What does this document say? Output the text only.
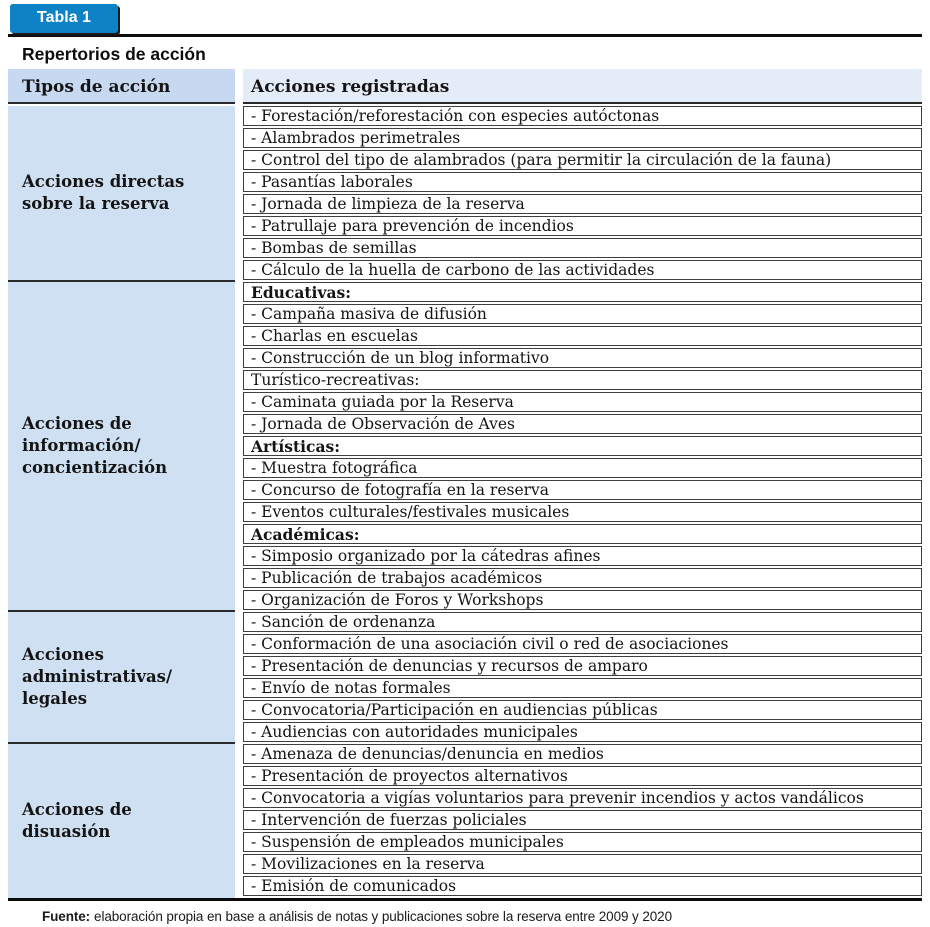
Tabla 1
Repertorios de acción
Tipos de acción	Acciones registradas
Acciones directas sobre la reserva
- Forestación/reforestación con especies autóctonas
- Alambrados perimetrales
- Control del tipo de alambrados (para permitir la circulación de la fauna)
- Pasantías laborales
- Jornada de limpieza de la reserva
- Patrullaje para prevención de incendios
- Bombas de semillas
- Cálculo de la huella de carbono de las actividades
Acciones de información/ concientización
Educativas:
- Campaña masiva de difusión
- Charlas en escuelas
- Construcción de un blog informativo
Turístico-recreativas:
- Caminata guiada por la Reserva
- Jornada de Observación de Aves
Artísticas:
- Muestra fotográfica
- Concurso de fotografía en la reserva
- Eventos culturales/festivales musicales
Académicas:
- Simposio organizado por la cátedras afines
- Publicación de trabajos académicos
- Organización de Foros y Workshops
Acciones administrativas/ legales
- Sanción de ordenanza
- Conformación de una asociación civil o red de asociaciones
- Presentación de denuncias y recursos de amparo
- Envío de notas formales
- Convocatoria/Participación en audiencias públicas
- Audiencias con autoridades municipales
Acciones de disuasión
- Amenaza de denuncias/denuncia en medios
- Presentación de proyectos alternativos
- Convocatoria a vigías voluntarios para prevenir incendios y actos vandálicos
- Intervención de fuerzas policiales
- Suspensión de empleados municipales
- Movilizaciones en la reserva
- Emisión de comunicados
Fuente: elaboración propia en base a análisis de notas y publicaciones sobre la reserva entre 2009 y 2020
